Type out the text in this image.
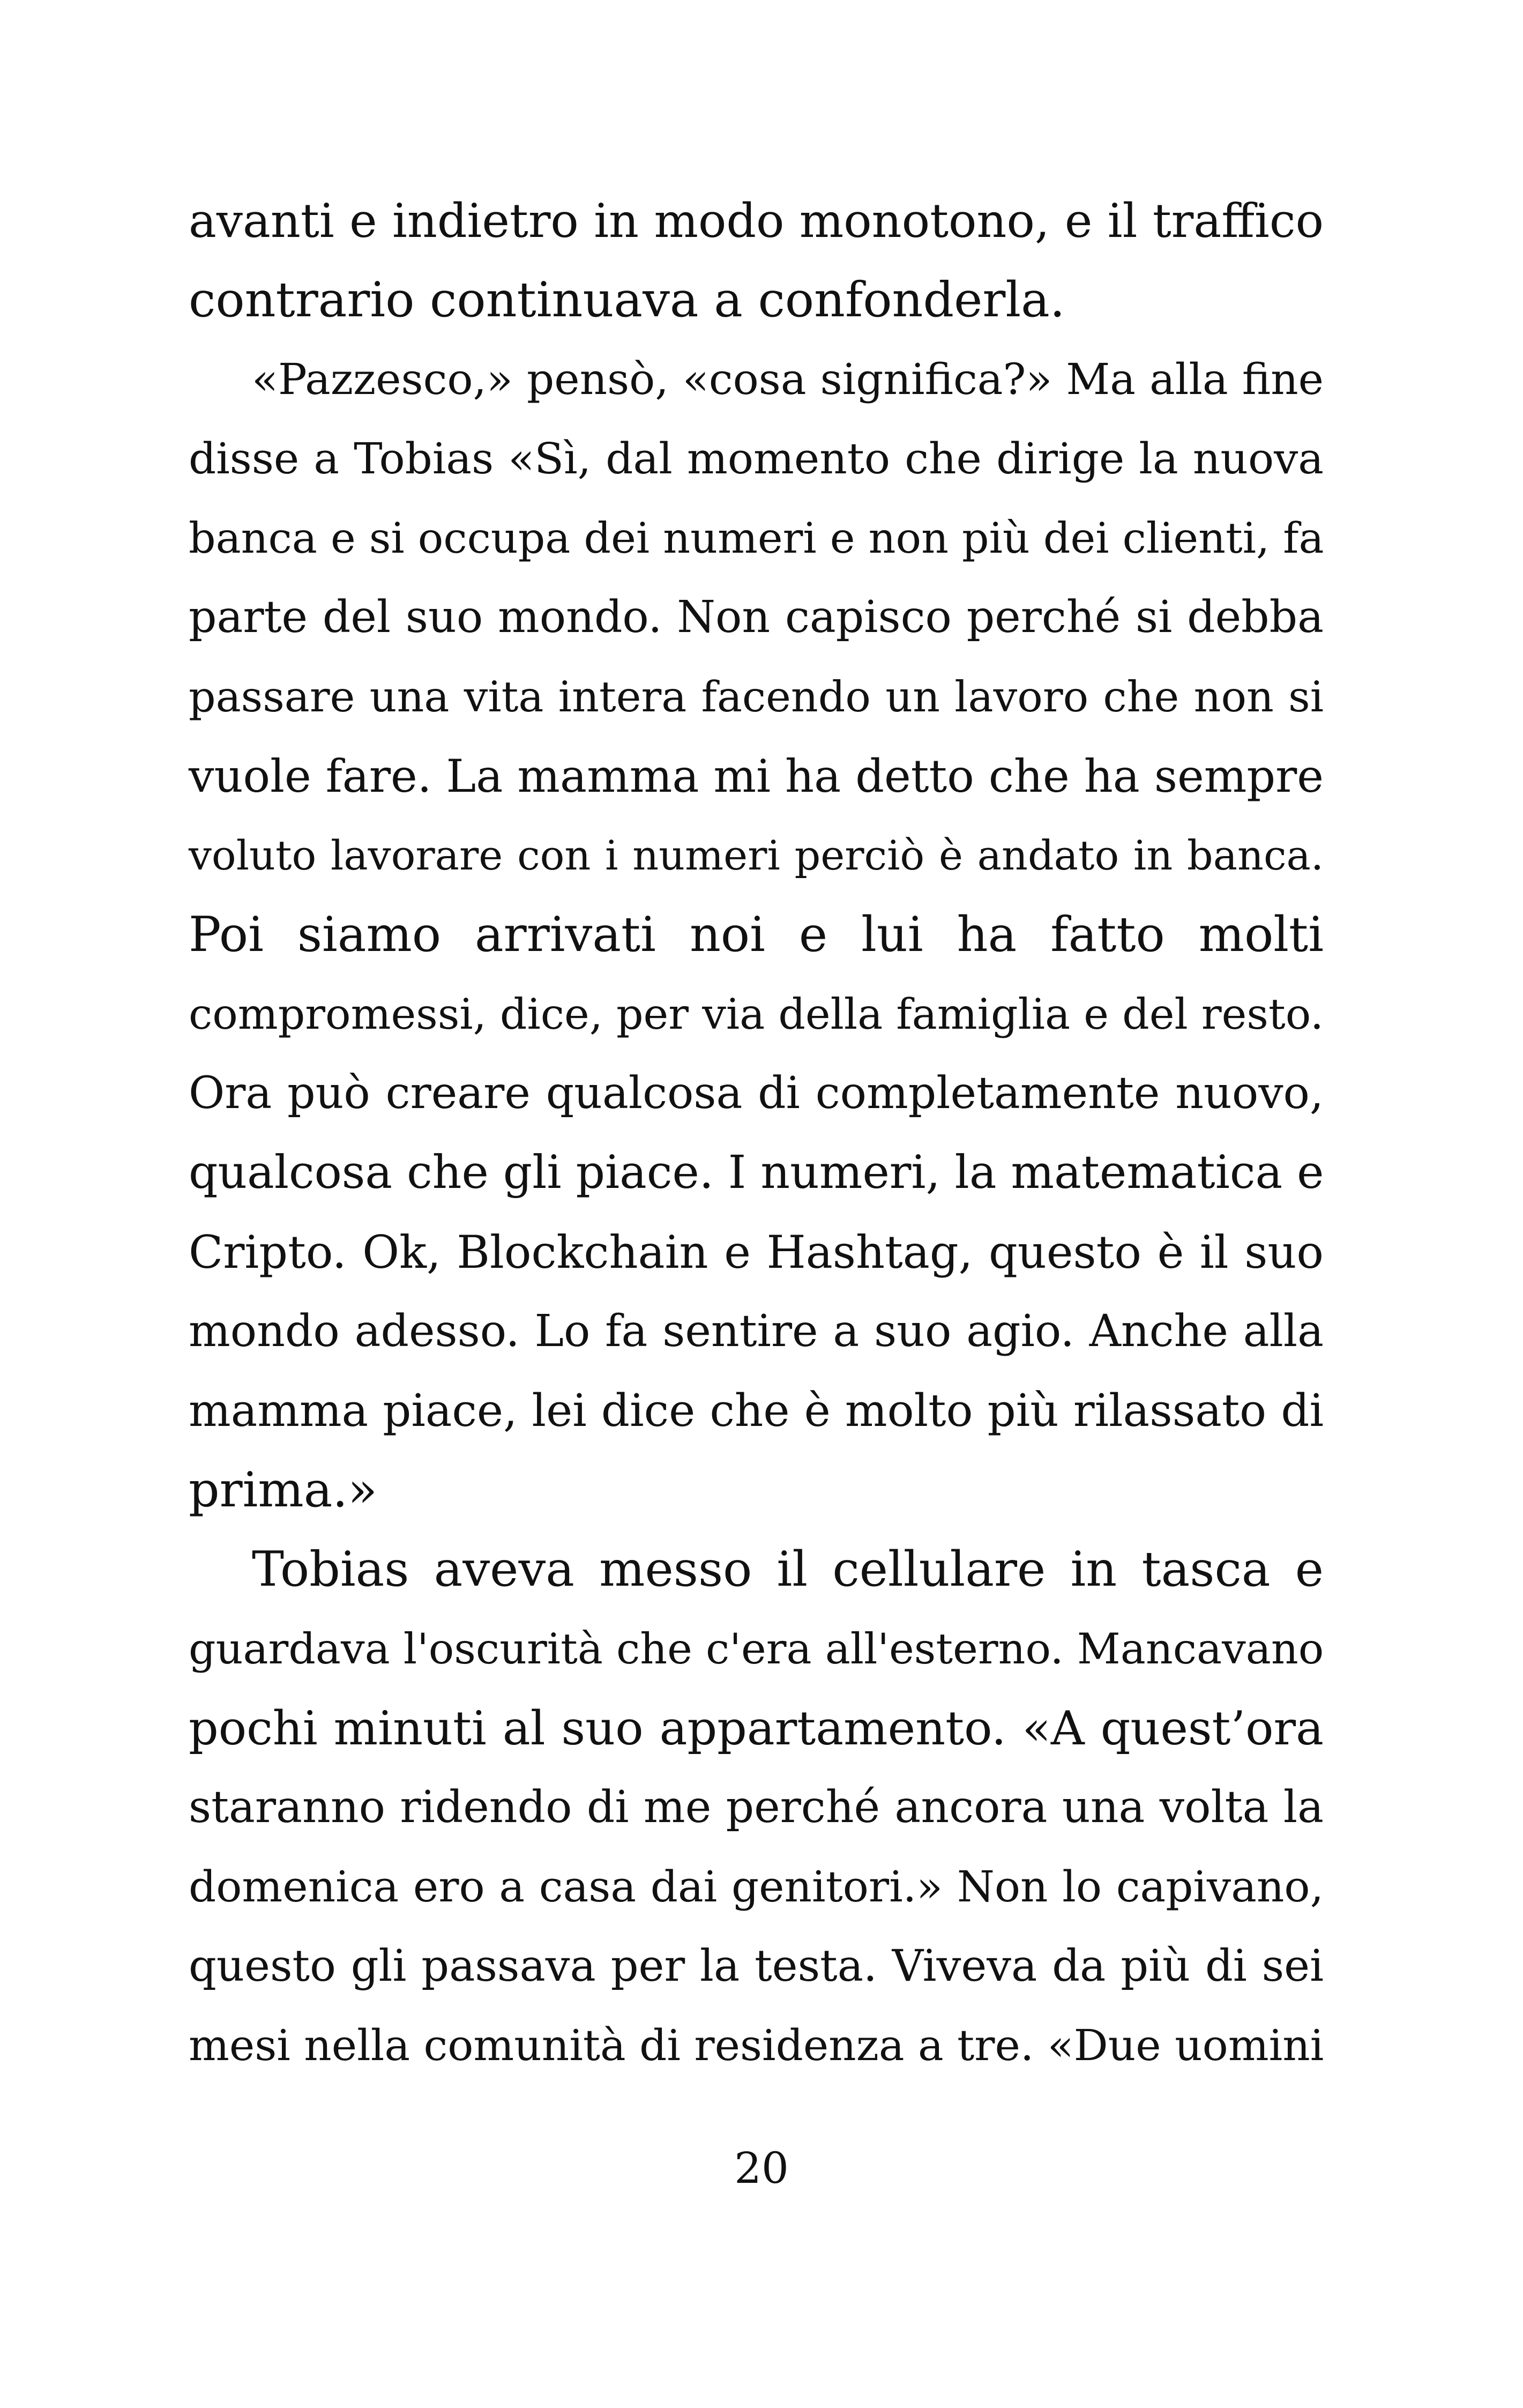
avanti e indietro in modo monotono, e il traffico
contrario continuava a confonderla.
«Pazzesco,» pensò, «cosa significa?» Ma alla fine
disse a Tobias «Sì, dal momento che dirige la nuova
banca e si occupa dei numeri e non più dei clienti, fa
parte del suo mondo. Non capisco perché si debba
passare una vita intera facendo un lavoro che non si
vuole fare. La mamma mi ha detto che ha sempre
voluto lavorare con i numeri perciò è andato in banca.
Poi siamo arrivati noi e lui ha fatto molti
compromessi, dice, per via della famiglia e del resto.
Ora può creare qualcosa di completamente nuovo,
qualcosa che gli piace. I numeri, la matematica e
Cripto. Ok, Blockchain e Hashtag, questo è il suo
mondo adesso. Lo fa sentire a suo agio. Anche alla
mamma piace, lei dice che è molto più rilassato di
prima.»
Tobias aveva messo il cellulare in tasca e
guardava l'oscurità che c'era all'esterno. Mancavano
pochi minuti al suo appartamento. «A quest’ora
staranno ridendo di me perché ancora una volta la
domenica ero a casa dai genitori.» Non lo capivano,
questo gli passava per la testa. Viveva da più di sei
mesi nella comunità di residenza a tre. «Due uomini
20
